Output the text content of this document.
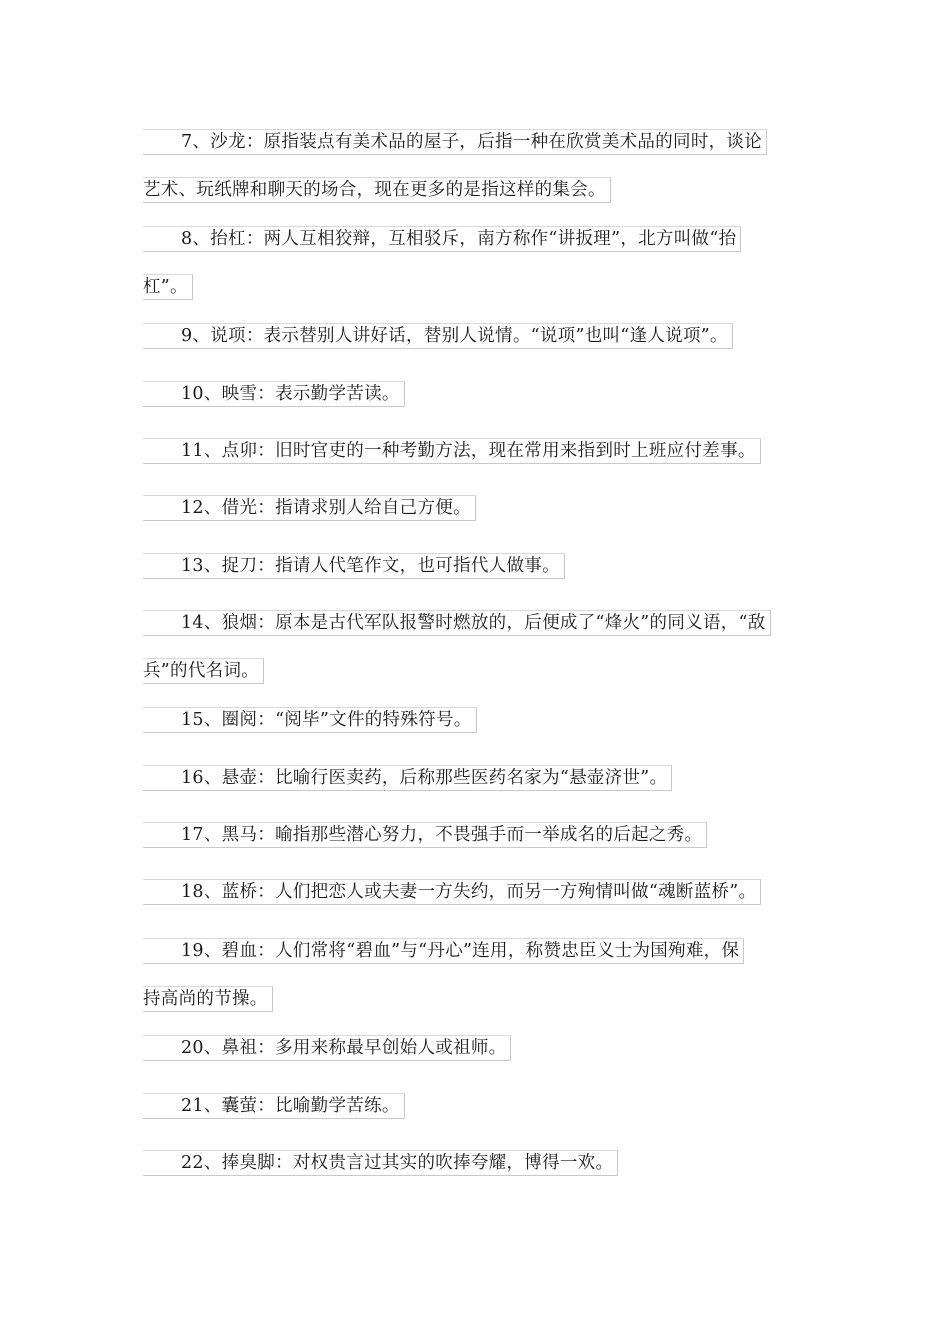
7、沙龙：原指装点有美术品的屋子，后指一种在欣赏美术品的同时，谈论
艺术、玩纸牌和聊天的场合，现在更多的是指这样的集会。
8、抬杠：两人互相狡辩，互相驳斥，南方称作“讲扳理”，北方叫做“抬
杠”。
9、说项：表示替别人讲好话，替别人说情。“说项”也叫“逢人说项”。
10、映雪：表示勤学苦读。
11、点卯：旧时官吏的一种考勤方法，现在常用来指到时上班应付差事。
12、借光：指请求别人给自己方便。
13、捉刀：指请人代笔作文，也可指代人做事。
14、狼烟：原本是古代军队报警时燃放的，后便成了“烽火”的同义语，“敌
兵”的代名词。
15、圈阅：“阅毕”文件的特殊符号。
16、悬壶：比喻行医卖药，后称那些医药名家为“悬壶济世”。
17、黑马：喻指那些潜心努力，不畏强手而一举成名的后起之秀。
18、蓝桥：人们把恋人或夫妻一方失约，而另一方殉情叫做“魂断蓝桥”。
19、碧血：人们常将“碧血”与“丹心”连用，称赞忠臣义士为国殉难，保
持高尚的节操。
20、鼻祖：多用来称最早创始人或祖师。
21、囊萤：比喻勤学苦练。
22、捧臭脚：对权贵言过其实的吹捧夸耀，博得一欢。
